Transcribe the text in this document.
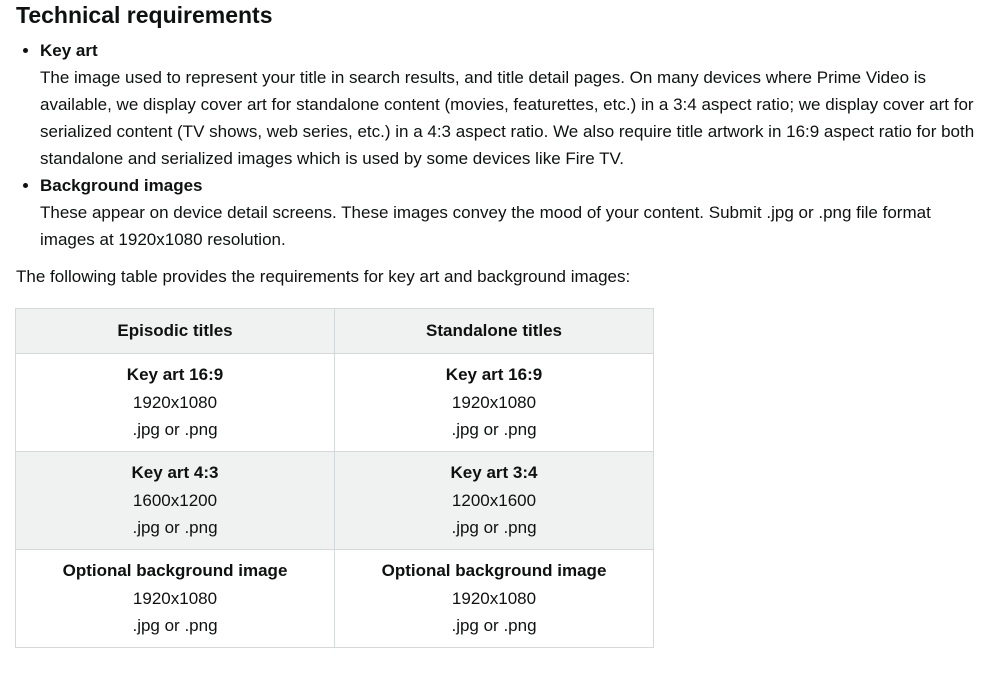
Technical requirements
• Key art
The image used to represent your title in search results, and title detail pages. On many devices where Prime Video is available, we display cover art for standalone content (movies, featurettes, etc.) in a 3:4 aspect ratio; we display cover art for serialized content (TV shows, web series, etc.) in a 4:3 aspect ratio. We also require title artwork in 16:9 aspect ratio for both standalone and serialized images which is used by some devices like Fire TV.
• Background images
These appear on device detail screens. These images convey the mood of your content. Submit .jpg or .png file format images at 1920x1080 resolution.

The following table provides the requirements for key art and background images:

Episodic titles	Standalone titles

Key art 16:9
1920x1080
.jpg or .png	Key art 16:9
1920x1080
.jpg or .png

Key art 4:3
1600x1200
.jpg or .png	Key art 3:4
1200x1600
.jpg or .png

Optional background image
1920x1080
.jpg or .png	Optional background image
1920x1080
.jpg or .png
